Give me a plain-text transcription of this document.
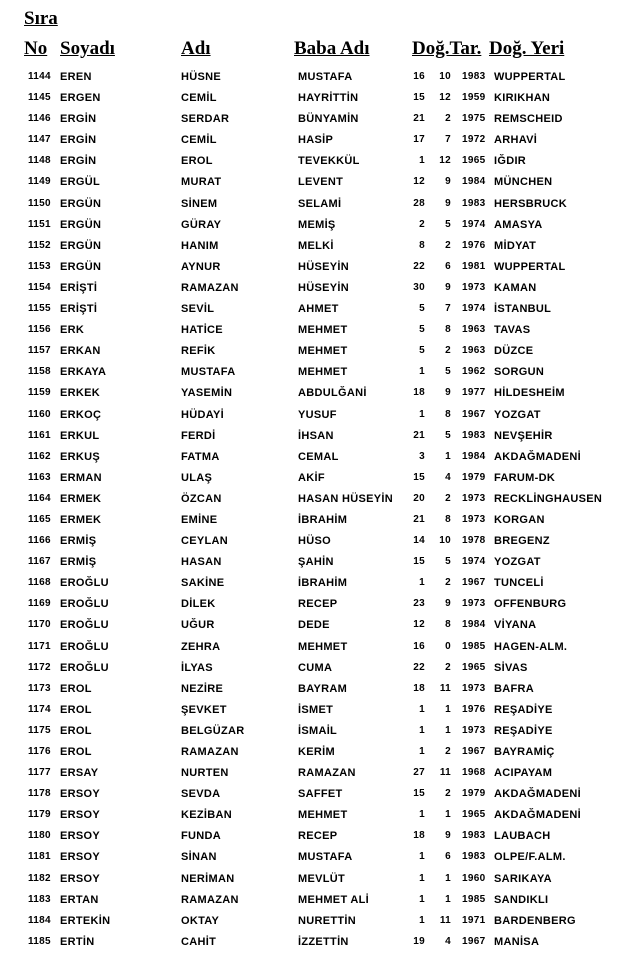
Sıra
No Soyadı	Adı	Baba Adı Doğ.Tar. Doğ. Yeri
1144 EREN	HÜSNE	MUSTAFA	16	10 1983 WUPPERTAL
1145 ERGEN	CEMİL	HAYRİTTİN	15	12 1959 KIRIKHAN
1146 ERGİN	SERDAR	BÜNYAMİN	21	2 1975 REMSCHEID
1147 ERGİN	CEMİL	HASİP	17	7 1972 ARHAVİ
1148 ERGİN	EROL	TEVEKKÜL	1	12 1965 IĞDIR
1149 ERGÜL	MURAT	LEVENT	12	9 1984 MÜNCHEN
1150 ERGÜN	SİNEM	SELAMİ	28	9 1983 HERSBRUCK
1151 ERGÜN	GÜRAY	MEMİŞ	2	5 1974 AMASYA
1152 ERGÜN	HANIM	MELKİ	8	2 1976 MİDYAT
1153 ERGÜN	AYNUR	HÜSEYİN	22	6 1981 WUPPERTAL
1154 ERİŞTİ	RAMAZAN	HÜSEYİN	30	9 1973 KAMAN
1155 ERİŞTİ	SEVİL	AHMET	5	7 1974 İSTANBUL
1156 ERK	HATİCE	MEHMET	5	8 1963 TAVAS
1157 ERKAN	REFİK	MEHMET	5	2 1963 DÜZCE
1158 ERKAYA	MUSTAFA	MEHMET	1	5 1962 SORGUN
1159 ERKEK	YASEMİN	ABDULĞANİ	18	9 1977 HİLDESHEİM
1160 ERKOÇ	HÜDAYİ	YUSUF	1	8 1967 YOZGAT
1161 ERKUL	FERDİ	İHSAN	21	5 1983 NEVŞEHİR
1162 ERKUŞ	FATMA	CEMAL	3	1 1984 AKDAĞMADENİ
1163 ERMAN	ULAŞ	AKİF	15	4 1979 FARUM-DK
1164 ERMEK	ÖZCAN	HASAN HÜSEYİN	20	2 1973 RECKLİNGHAUSEN
1165 ERMEK	EMİNE	İBRAHİM	21	8 1973 KORGAN
1166 ERMİŞ	CEYLAN	HÜSO	14	10 1978 BREGENZ
1167 ERMİŞ	HASAN	ŞAHİN	15	5 1974 YOZGAT
1168 EROĞLU	SAKİNE	İBRAHİM	1	2 1967 TUNCELİ
1169 EROĞLU	DİLEK	RECEP	23	9 1973 OFFENBURG
1170 EROĞLU	UĞUR	DEDE	12	8 1984 VİYANA
1171 EROĞLU	ZEHRA	MEHMET	16	0 1985 HAGEN-ALM.
1172 EROĞLU	İLYAS	CUMA	22	2 1965 SİVAS
1173 EROL	NEZİRE	BAYRAM	18	11 1973 BAFRA
1174 EROL	ŞEVKET	İSMET	1	1 1976 REŞADİYE
1175 EROL	BELGÜZAR	İSMAİL	1	1 1973 REŞADİYE
1176 EROL	RAMAZAN	KERİM	1	2 1967 BAYRAMİÇ
1177 ERSAY	NURTEN	RAMAZAN	27	11 1968 ACIPAYAM
1178 ERSOY	SEVDA	SAFFET	15	2 1979 AKDAĞMADENİ
1179 ERSOY	KEZİBAN	MEHMET	1	1 1965 AKDAĞMADENİ
1180 ERSOY	FUNDA	RECEP	18	9 1983 LAUBACH
1181 ERSOY	SİNAN	MUSTAFA	1	6 1983 OLPE/F.ALM.
1182 ERSOY	NERİMAN	MEVLÜT	1	1 1960 SARIKAYA
1183 ERTAN	RAMAZAN	MEHMET ALİ	1	1 1985 SANDIKLI
1184 ERTEKİN	OKTAY	NURETTİN	1	11 1971 BARDENBERG
1185 ERTİN	CAHİT	İZZETTİN	19	4 1967 MANİSA
